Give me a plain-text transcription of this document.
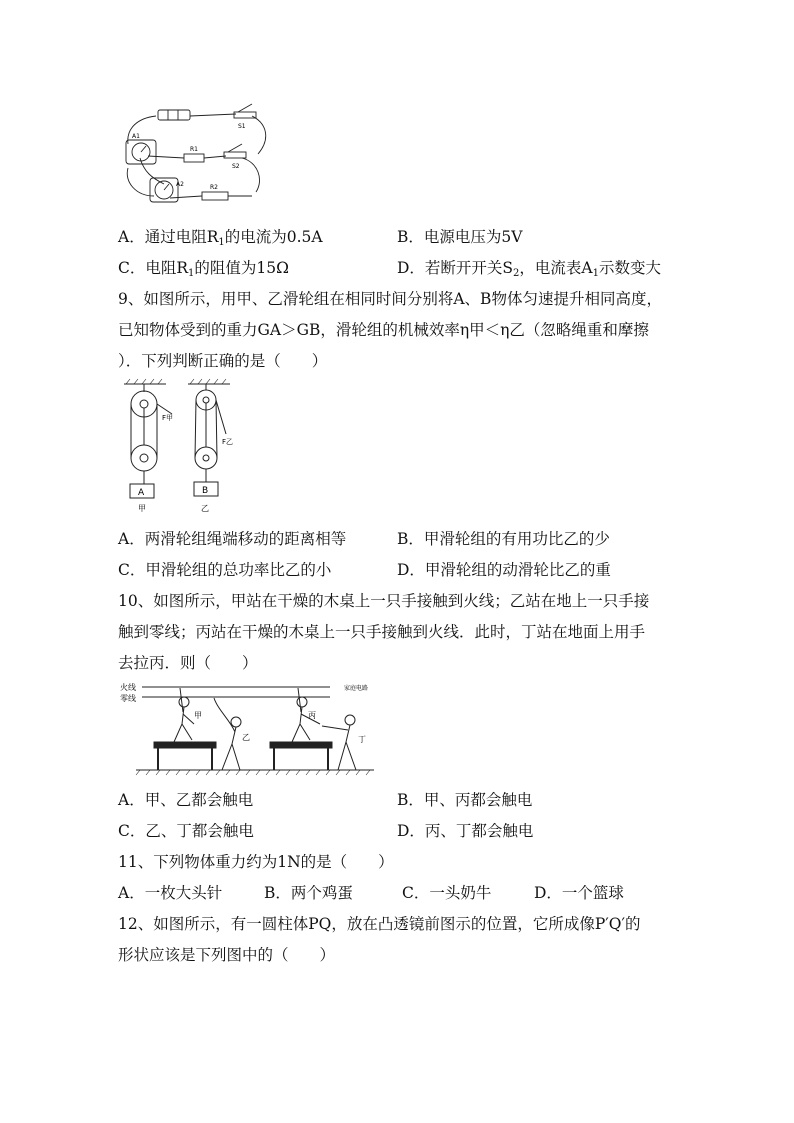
A1
R1
S1
S2
A2	R2
A．通过电阻$R_1$的电流为0.5A	B．电源电压为5V
C．电阻$R_1$的阻值为15Ω	D．若断开开关$S_2$，电流表$A_1$示数变大
9、如图所示，用甲、乙滑轮组在相同时间分别将A、B物体匀速提升相同高度，
已知物体受到的重力GA＞GB，滑轮组的机械效率η甲＜η乙（忽略绳重和摩擦
）．下列判断正确的是（　　）
F甲
F乙
A	B
甲	乙
A．两滑轮组绳端移动的距离相等	B．甲滑轮组的有用功比乙的少
C．甲滑轮组的总功率比乙的小	D．甲滑轮组的动滑轮比乙的重
10、如图所示，甲站在干燥的木桌上一只手接触到火线；乙站在地上一只手接
触到零线；丙站在干燥的木桌上一只手接触到火线．此时，丁站在地面上用手
去拉丙．则（　　）
火线
零线
家庭电路
甲
乙
丙
丁
A．甲、乙都会触电	B．甲、丙都会触电
C．乙、丁都会触电	D．丙、丁都会触电
11、下列物体重力约为1N的是（　　）
A．一枚大头针	B．两个鸡蛋	C．一头奶牛	D．一个篮球
12、如图所示，有一圆柱体PQ，放在凸透镜前图示的位置，它所成像P′Q′的
形状应该是下列图中的（　　）
